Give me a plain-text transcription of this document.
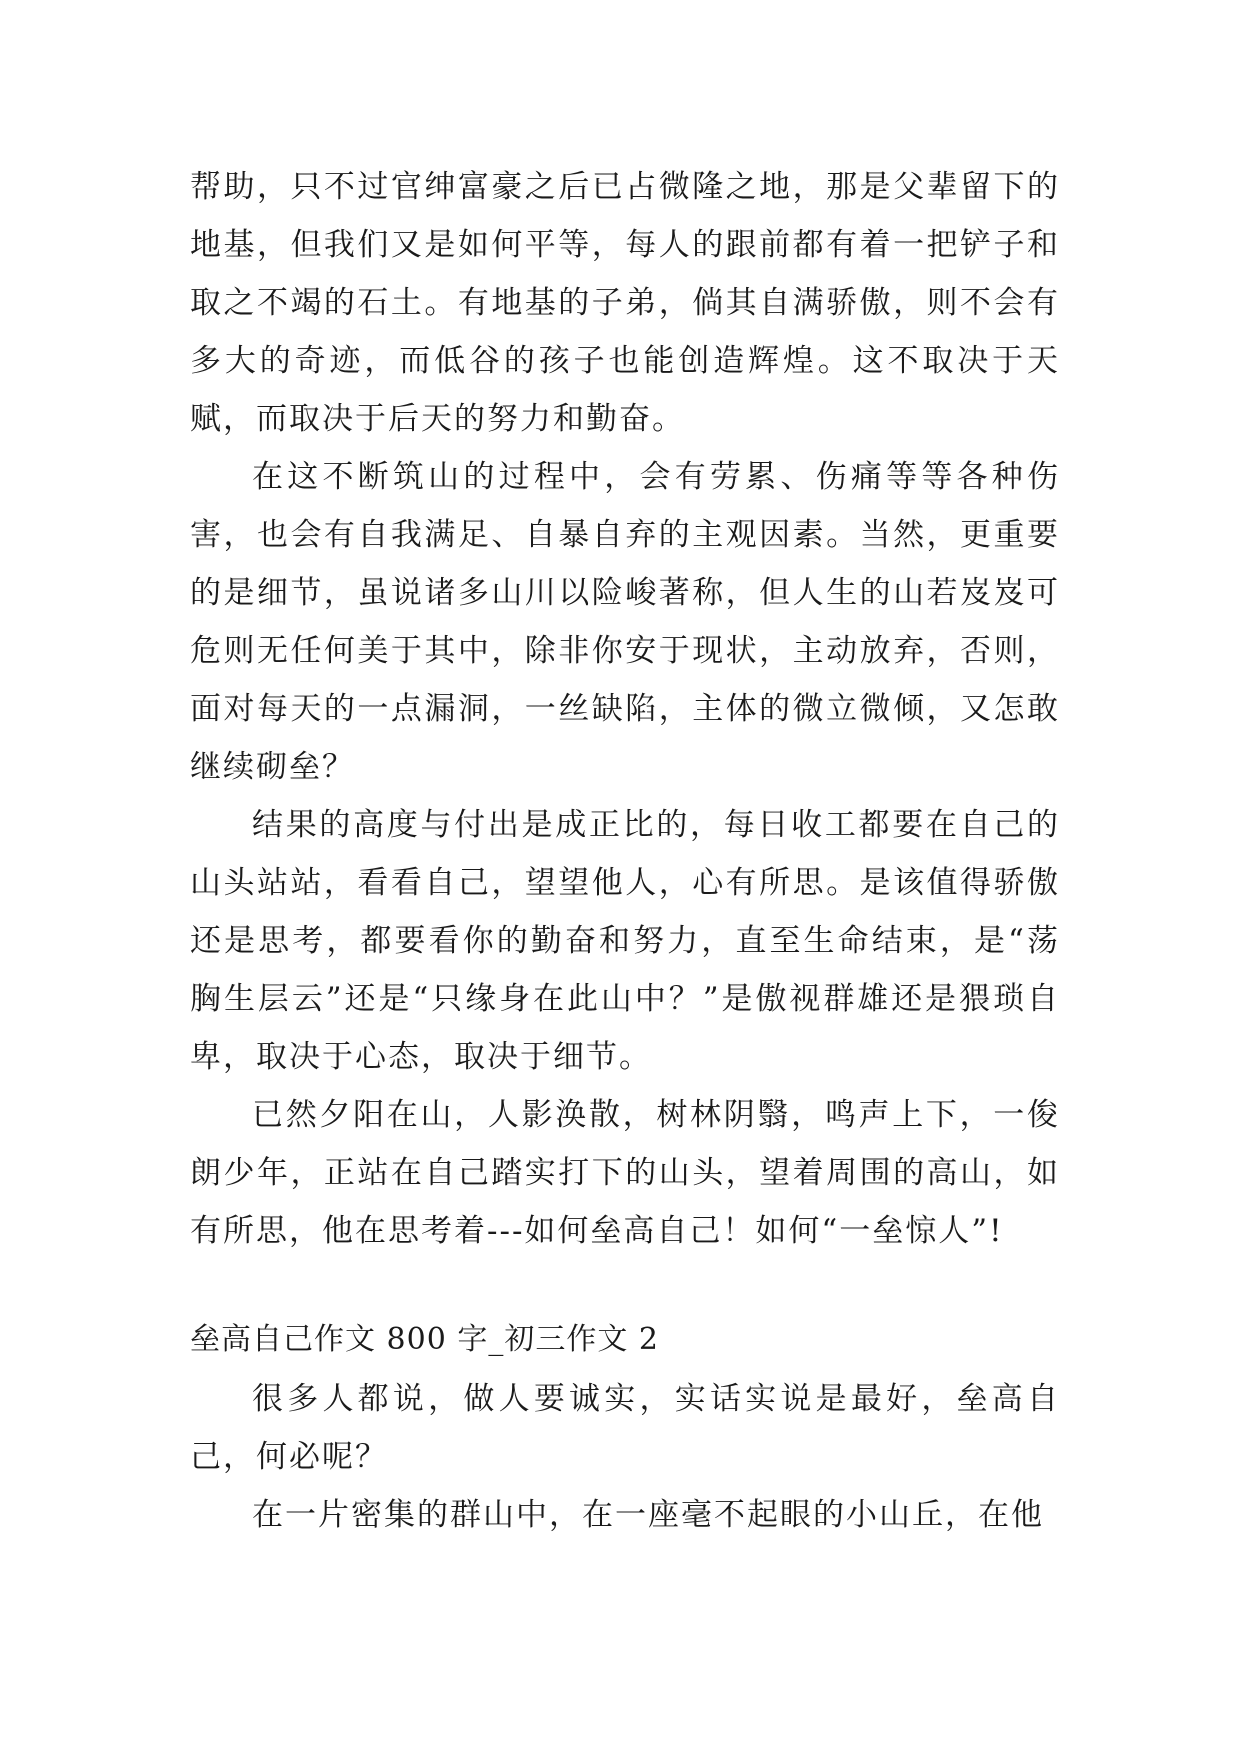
帮助，只不过官绅富豪之后已占微隆之地，那是父辈留下的地基，但我们又是如何平等，每人的跟前都有着一把铲子和取之不竭的石土。有地基的子弟，倘其自满骄傲，则不会有多大的奇迹，而低谷的孩子也能创造辉煌。这不取决于天赋，而取决于后天的努力和勤奋。

在这不断筑山的过程中，会有劳累、伤痛等等各种伤害，也会有自我满足、自暴自弃的主观因素。当然，更重要的是细节，虽说诸多山川以险峻著称，但人生的山若岌岌可危则无任何美于其中，除非你安于现状，主动放弃，否则，面对每天的一点漏洞，一丝缺陷，主体的微立微倾，又怎敢继续砌垒？

结果的高度与付出是成正比的，每日收工都要在自己的山头站站，看看自己，望望他人，心有所思。是该值得骄傲还是思考，都要看你的勤奋和努力，直至生命结束，是“荡胸生层云”还是“只缘身在此山中？”是傲视群雄还是猥琐自卑，取决于心态，取决于细节。

已然夕阳在山，人影涣散，树林阴翳，鸣声上下，一俊朗少年，正站在自己踏实打下的山头，望着周围的高山，如有所思，他在思考着---如何垒高自己！如何“一垒惊人”!

垒高自己作文 800 字_初三作文 2

很多人都说，做人要诚实，实话实说是最好，垒高自己，何必呢？

在一片密集的群山中，在一座毫不起眼的小山丘，在他
